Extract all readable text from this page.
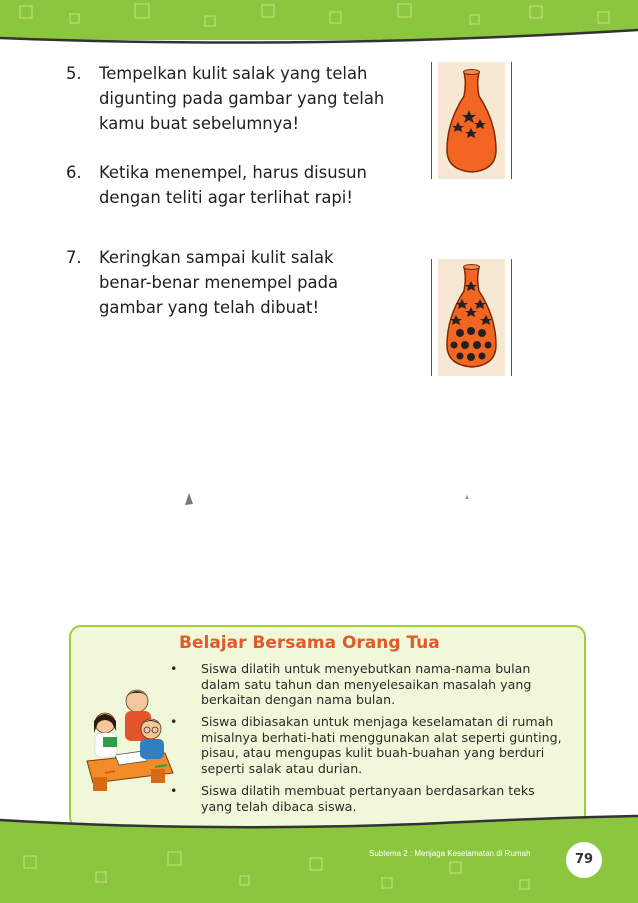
5. Tempelkan kulit salak yang telah digunting pada gambar yang telah kamu buat sebelumnya!
6. Ketika menempel, harus disusun dengan teliti agar terlihat rapi!
7. Keringkan sampai kulit salak benar-benar menempel pada gambar yang telah dibuat!
Belajar Bersama Orang Tua
• Siswa dilatih untuk menyebutkan nama-nama bulan dalam satu tahun dan menyelesaikan masalah yang berkaitan dengan nama bulan.
• Siswa dibiasakan untuk menjaga keselamatan di rumah misalnya berhati-hati menggunakan alat seperti gunting, pisau, atau mengupas kulit buah-buahan yang berduri seperti salak atau durian.
• Siswa dilatih membuat pertanyaan berdasarkan teks yang telah dibaca siswa.
Subtema 2 : Menjaga Keselamatan di Rumah	79
